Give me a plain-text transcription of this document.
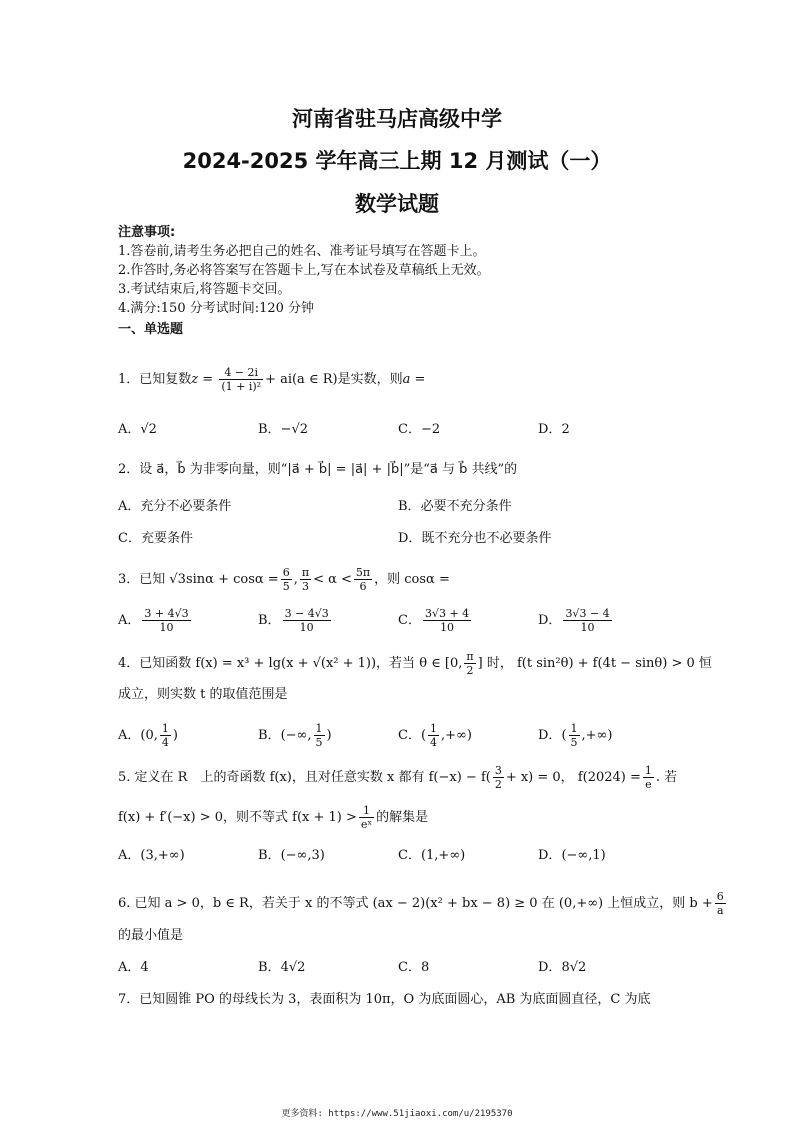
河南省驻马店高级中学
2024-2025 学年高三上期 12 月测试（一）
数学试题
注意事项:
1.答卷前,请考生务必把自己的姓名、准考证号填写在答题卡上。
2.作答时,务必将答案写在答题卡上,写在本试卷及草稿纸上无效。
3.考试结束后,将答题卡交回。
4.满分:150 分考试时间:120 分钟
一、单选题
1．已知复数$z = \frac{4 - 2i}{\text{(1 + i)²}} + ai(a$ ∈ R)是实数，则a =
A．√2	B．−√2	C．−2	D．2
2．设 a⃗，b⃗ 为非零向量，则“|a⃗ + b⃗| = |a⃗| + |b⃗|”是“a⃗ 与 b⃗ 共线”的
A．充分不必要条件	B．必要不充分条件
C．充要条件	D．既不充分也不必要条件
3．已知 $√3\sin\alpha + \cos\alpha = \frac{6}{5}$ , $\frac{\pi}{3} < \alpha < \frac{5\pi}{6}$ ，则 cosα =
A． $\frac{3 + 4√3}{10}$	B． $\frac{3 - 4√3}{10}$	C． $\frac{3√3 + 4}{10}$	D． $\frac{3√3 - 4}{10}$
4．已知函数 f(x) = x³ + lg(x + √(x² + 1))，若当 θ ∈ [0, $\frac{\pi}{2}$ ] 时， f(t sin²θ) + f(4t − sinθ) > 0 恒
成立，则实数 t 的取值范围是
A．(0, $\frac{1}{4}$ )	B．(−∞, $\frac{1}{5}$ )	C．( $\frac{1}{4}$ ,+∞)	D．( $\frac{1}{5}$ ,+∞)
5. 定义在 R　上的奇函数 f(x)，且对任意实数 x 都有 $f(-x) - f( \frac{3}{2} + x) = 0$， $f(2024) = \frac{1}{e}$ . 若
f(x) + f′(−x) > 0，则不等式 $f(x + 1) > \frac{1}{\text{eˣ}}$ 的解集是
A．(3,+∞)	B．(−∞,3)	C．(1,+∞)	D．(−∞,1)
6. 已知 a > 0，b ∈ R，若关于 x 的不等式 (ax − 2)(x² + bx − 8) ≥ 0 在 (0,+∞) 上恒成立，则 $b + \frac{6}{a}$
的最小值是
A．4	B．4√2	C．8	D．8√2
7．已知圆锥 PO 的母线长为 3，表面积为 10π，O 为底面圆心，AB 为底面圆直径，C 为底
更多资料: https://www.51jiaoxi.com/u/2195370
